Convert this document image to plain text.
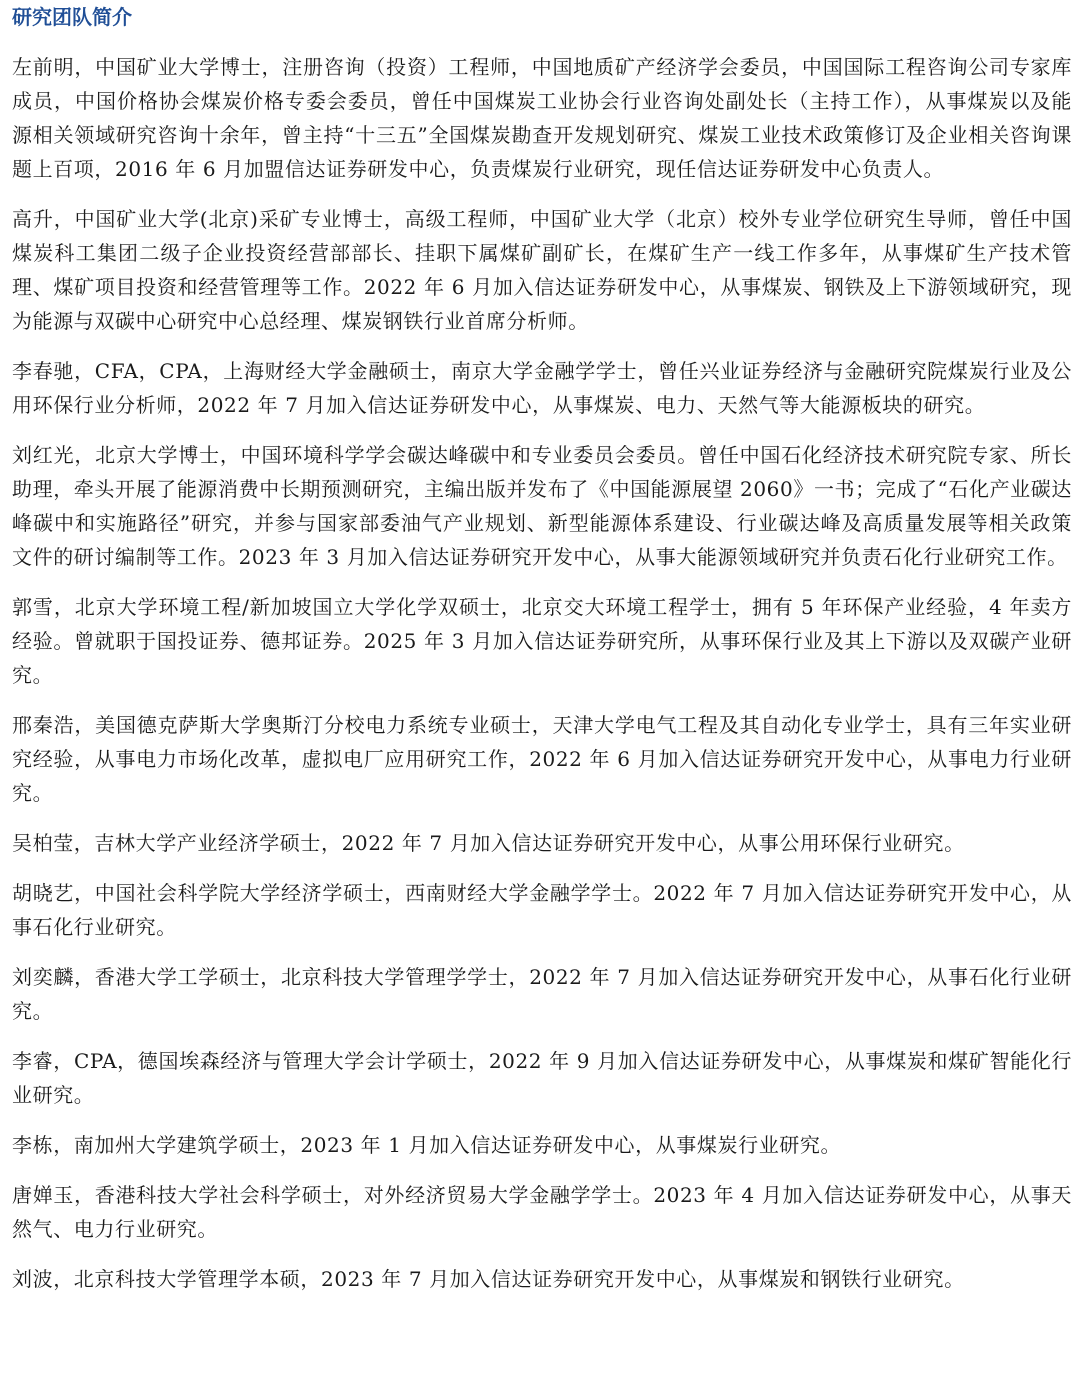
研究团队简介

左前明，中国矿业大学博士，注册咨询（投资）工程师，中国地质矿产经济学会委员，中国国际工程咨询公司专家库成员，中国价格协会煤炭价格专委会委员，曾任中国煤炭工业协会行业咨询处副处长（主持工作），从事煤炭以及能源相关领域研究咨询十余年，曾主持“十三五”全国煤炭勘查开发规划研究、煤炭工业技术政策修订及企业相关咨询课题上百项，2016 年 6 月加盟信达证券研发中心，负责煤炭行业研究，现任信达证券研发中心负责人。

高升，中国矿业大学(北京)采矿专业博士，高级工程师，中国矿业大学（北京）校外专业学位研究生导师，曾任中国煤炭科工集团二级子企业投资经营部部长、挂职下属煤矿副矿长，在煤矿生产一线工作多年，从事煤矿生产技术管理、煤矿项目投资和经营管理等工作。2022 年 6 月加入信达证券研发中心，从事煤炭、钢铁及上下游领域研究，现为能源与双碳中心研究中心总经理、煤炭钢铁行业首席分析师。

李春驰，CFA，CPA，上海财经大学金融硕士，南京大学金融学学士，曾任兴业证券经济与金融研究院煤炭行业及公用环保行业分析师，2022 年 7 月加入信达证券研发中心，从事煤炭、电力、天然气等大能源板块的研究。

刘红光，北京大学博士，中国环境科学学会碳达峰碳中和专业委员会委员。曾任中国石化经济技术研究院专家、所长助理，牵头开展了能源消费中长期预测研究，主编出版并发布了《中国能源展望 2060》一书；完成了“石化产业碳达峰碳中和实施路径”研究，并参与国家部委油气产业规划、新型能源体系建设、行业碳达峰及高质量发展等相关政策文件的研讨编制等工作。2023 年 3 月加入信达证券研究开发中心，从事大能源领域研究并负责石化行业研究工作。

郭雪，北京大学环境工程/新加坡国立大学化学双硕士，北京交大环境工程学士，拥有 5 年环保产业经验，4 年卖方经验。曾就职于国投证券、德邦证券。2025 年 3 月加入信达证券研究所，从事环保行业及其上下游以及双碳产业研究。

邢秦浩，美国德克萨斯大学奥斯汀分校电力系统专业硕士，天津大学电气工程及其自动化专业学士，具有三年实业研究经验，从事电力市场化改革，虚拟电厂应用研究工作，2022 年 6 月加入信达证券研究开发中心，从事电力行业研究。

吴柏莹，吉林大学产业经济学硕士，2022 年 7 月加入信达证券研究开发中心，从事公用环保行业研究。

胡晓艺，中国社会科学院大学经济学硕士，西南财经大学金融学学士。2022 年 7 月加入信达证券研究开发中心，从事石化行业研究。

刘奕麟，香港大学工学硕士，北京科技大学管理学学士，2022 年 7 月加入信达证券研究开发中心，从事石化行业研究。

李睿，CPA，德国埃森经济与管理大学会计学硕士，2022 年 9 月加入信达证券研发中心，从事煤炭和煤矿智能化行业研究。

李栋，南加州大学建筑学硕士，2023 年 1 月加入信达证券研发中心，从事煤炭行业研究。

唐婵玉，香港科技大学社会科学硕士，对外经济贸易大学金融学学士。2023 年 4 月加入信达证券研发中心，从事天然气、电力行业研究。

刘波，北京科技大学管理学本硕，2023 年 7 月加入信达证券研究开发中心，从事煤炭和钢铁行业研究。
